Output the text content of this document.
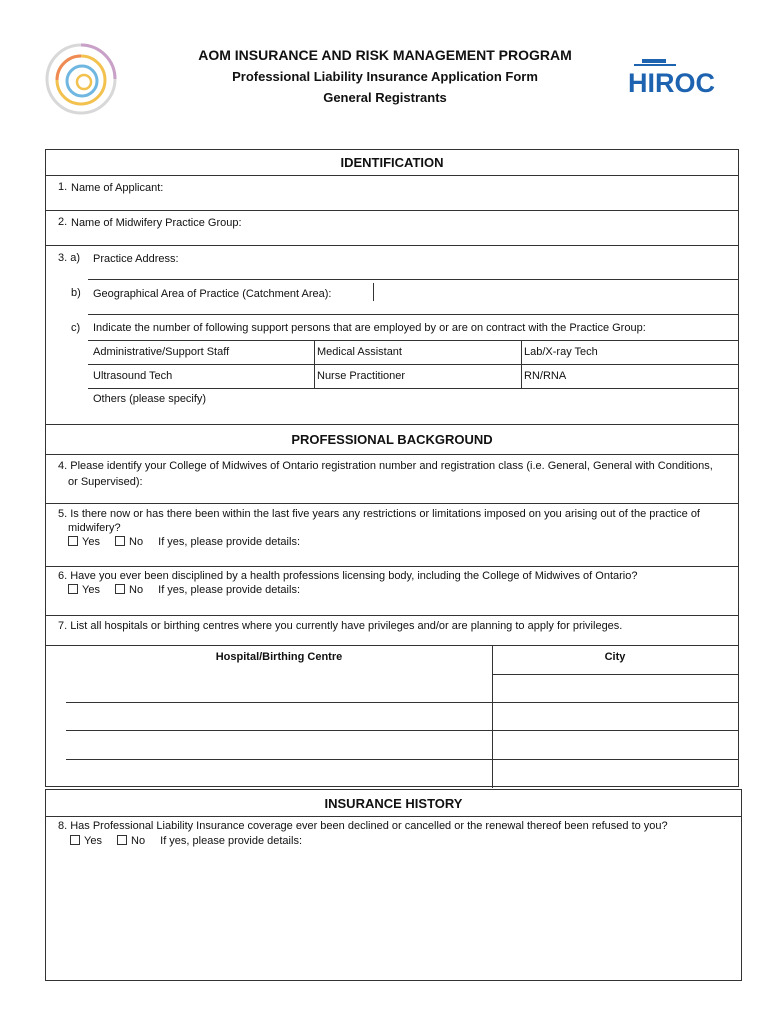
HIROC
AOM INSURANCE AND RISK MANAGEMENT PROGRAM
Professional Liability Insurance Application Form
General Registrants
IDENTIFICATION
1. Name of Applicant:
2. Name of Midwifery Practice Group:
3. a) Practice Address:
b) Geographical Area of Practice (Catchment Area):
c) Indicate the number of following support persons that are employed by or are on contract with the Practice Group:
Administrative/Support Staff	Medical Assistant	Lab/X-ray Tech
Ultrasound Tech	Nurse Practitioner	RN/RNA
Others (please specify)
PROFESSIONAL BACKGROUND
4. Please identify your College of Midwives of Ontario registration number and registration class (i.e. General, General with Conditions,
or Supervised):
5. Is there now or has there been within the last five years any restrictions or limitations imposed on you arising out of the practice of
midwifery?
Yes	No If yes, please provide details:
6. Have you ever been disciplined by a health professions licensing body, including the College of Midwives of Ontario?
Yes	No If yes, please provide details:
7. List all hospitals or birthing centres where you currently have privileges and/or are planning to apply for privileges.
Hospital/Birthing Centre	City
INSURANCE HISTORY
8. Has Professional Liability Insurance coverage ever been declined or cancelled or the renewal thereof been refused to you?
Yes	No If yes, please provide details:
